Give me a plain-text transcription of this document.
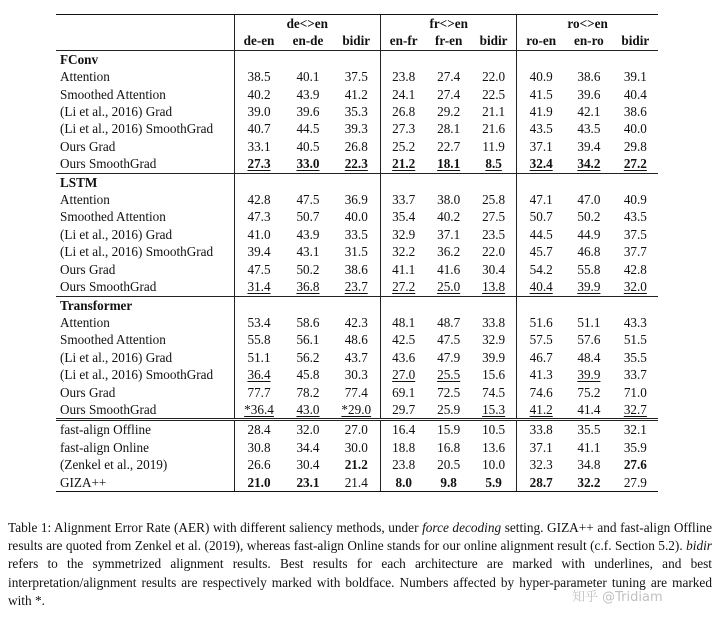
	de<>en			fr<>en			ro<>en		
	de-en	en-de	bidir	en-fr	fr-en	bidir	ro-en	en-ro	bidir
FConv									
Attention	38.5	40.1	37.5	23.8	27.4	22.0	40.9	38.6	39.1
Smoothed Attention	40.2	43.9	41.2	24.1	27.4	22.5	41.5	39.6	40.4
(Li et al., 2016) Grad	39.0	39.6	35.3	26.8	29.2	21.1	41.9	42.1	38.6
(Li et al., 2016) SmoothGrad	40.7	44.5	39.3	27.3	28.1	21.6	43.5	43.5	40.0
Ours Grad	33.1	40.5	26.8	25.2	22.7	11.9	37.1	39.4	29.8
Ours SmoothGrad	27.3	33.0	22.3	21.2	18.1	8.5	32.4	34.2	27.2
LSTM									
Attention	42.8	47.5	36.9	33.7	38.0	25.8	47.1	47.0	40.9
Smoothed Attention	47.3	50.7	40.0	35.4	40.2	27.5	50.7	50.2	43.5
(Li et al., 2016) Grad	41.0	43.9	33.5	32.9	37.1	23.5	44.5	44.9	37.5
(Li et al., 2016) SmoothGrad	39.4	43.1	31.5	32.2	36.2	22.0	45.7	46.8	37.7
Ours Grad	47.5	50.2	38.6	41.1	41.6	30.4	54.2	55.8	42.8
Ours SmoothGrad	31.4	36.8	23.7	27.2	25.0	13.8	40.4	39.9	32.0
Transformer									
Attention	53.4	58.6	42.3	48.1	48.7	33.8	51.6	51.1	43.3
Smoothed Attention	55.8	56.1	48.6	42.5	47.5	32.9	57.5	57.6	51.5
(Li et al., 2016) Grad	51.1	56.2	43.7	43.6	47.9	39.9	46.7	48.4	35.5
(Li et al., 2016) SmoothGrad	36.4	45.8	30.3	27.0	25.5	15.6	41.3	39.9	33.7
Ours Grad	77.7	78.2	77.4	69.1	72.5	74.5	74.6	75.2	71.0
Ours SmoothGrad	*36.4	43.0	*29.0	29.7	25.9	15.3	41.2	41.4	32.7
fast-align Offline	28.4	32.0	27.0	16.4	15.9	10.5	33.8	35.5	32.1
fast-align Online	30.8	34.4	30.0	18.8	16.8	13.6	37.1	41.1	35.9
(Zenkel et al., 2019)	26.6	30.4	21.2	23.8	20.5	10.0	32.3	34.8	27.6
GIZA++	21.0	23.1	21.4	8.0	9.8	5.9	28.7	32.2	27.9
Table 1: Alignment Error Rate (AER) with different saliency methods, under force decoding setting. GIZA++ and fast-align Offline results are quoted from Zenkel et al. (2019), whereas fast-align Online stands for our online alignment result (c.f. Section 5.2). bidir refers to the symmetrized alignment results. Best results for each architecture are marked with underlines, and best interpretation/alignment results are respectively marked with boldface. Numbers affected by hyper-parameter tuning are marked with *.	知乎 @Tridiam
